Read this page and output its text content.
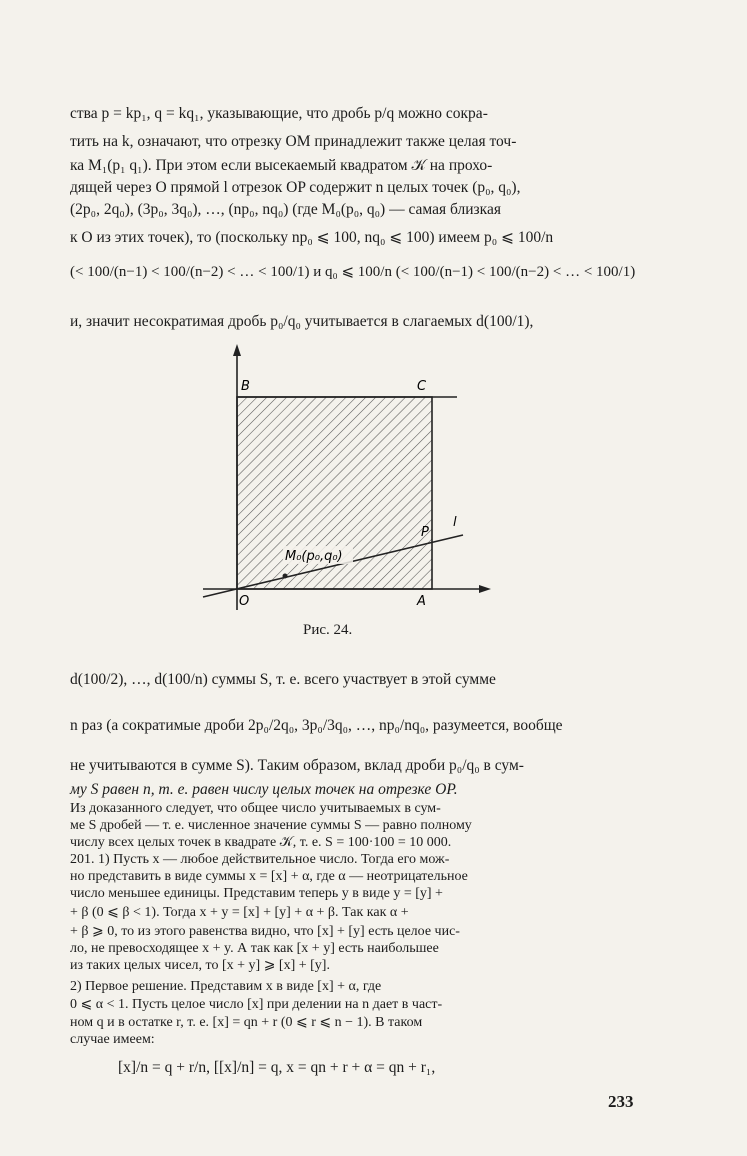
ства p = kp₁, q = kq₁, указывающие, что дробь p/q можно сокра-
тить на k, означают, что отрезку OM принадлежит также целая точ-
ка M₁(p₁ q₁). При этом если высекаемый квадратом 𝒦 на прохо-
дящей через O прямой l отрезок OP содержит n целых точек (p₀, q₀),
(2p₀, 2q₀), (3p₀, 3q₀), …, (np₀, nq₀) (где M₀(p₀, q₀) — самая близкая
к O из этих точек), то (поскольку np₀ ⩽ 100, nq₀ ⩽ 100) имеем p₀ ⩽ 100/n
(< 100/(n−1) < 100/(n−2) < … < 100/1) и q₀ ⩽ 100/n (< 100/(n−1) < 100/(n−2) < … < 100/1)
и, значит несократимая дробь p₀/q₀ учитывается в слагаемых d(100/1),
B	C
O	A
P
l
M₀(p₀,q₀)
Рис. 24.
d(100/2), …, d(100/n) суммы S, т. е. всего участвует в этой сумме
n раз (а сократимые дроби 2p₀/2q₀, 3p₀/3q₀, …, np₀/nq₀, разумеется, вообще
не учитываются в сумме S). Таким образом, вклад дроби p₀/q₀ в сум-
му S равен n, т. е. равен числу целых точек на отрезке OP.
Из доказанного следует, что общее число учитываемых в сум-
ме S дробей — т. е. численное значение суммы S — равно полному
числу всех целых точек в квадрате 𝒦, т. е. S = 100·100 = 10 000.
201. 1) Пусть x — любое действительное число. Тогда его мож-
но представить в виде суммы x = [x] + α, где α — неотрицательное
число меньшее единицы. Представим теперь y в виде y = [y] +
+ β (0 ⩽ β < 1). Тогда x + y = [x] + [y] + α + β. Так как α +
+ β ⩾ 0, то из этого равенства видно, что [x] + [y] есть целое чис-
ло, не превосходящее x + y. А так как [x + y] есть наибольшее
из таких целых чисел, то [x + y] ⩾ [x] + [y].
2) Первое решение. Представим x в виде [x] + α, где
0 ⩽ α < 1. Пусть целое число [x] при делении на n дает в част-
ном q и в остатке r, т. е. [x] = qn + r (0 ⩽ r ⩽ n − 1). В таком
случае имеем:
[x]/n = q + r/n, [[x]/n] = q, x = qn + r + α = qn + r₁,
233
